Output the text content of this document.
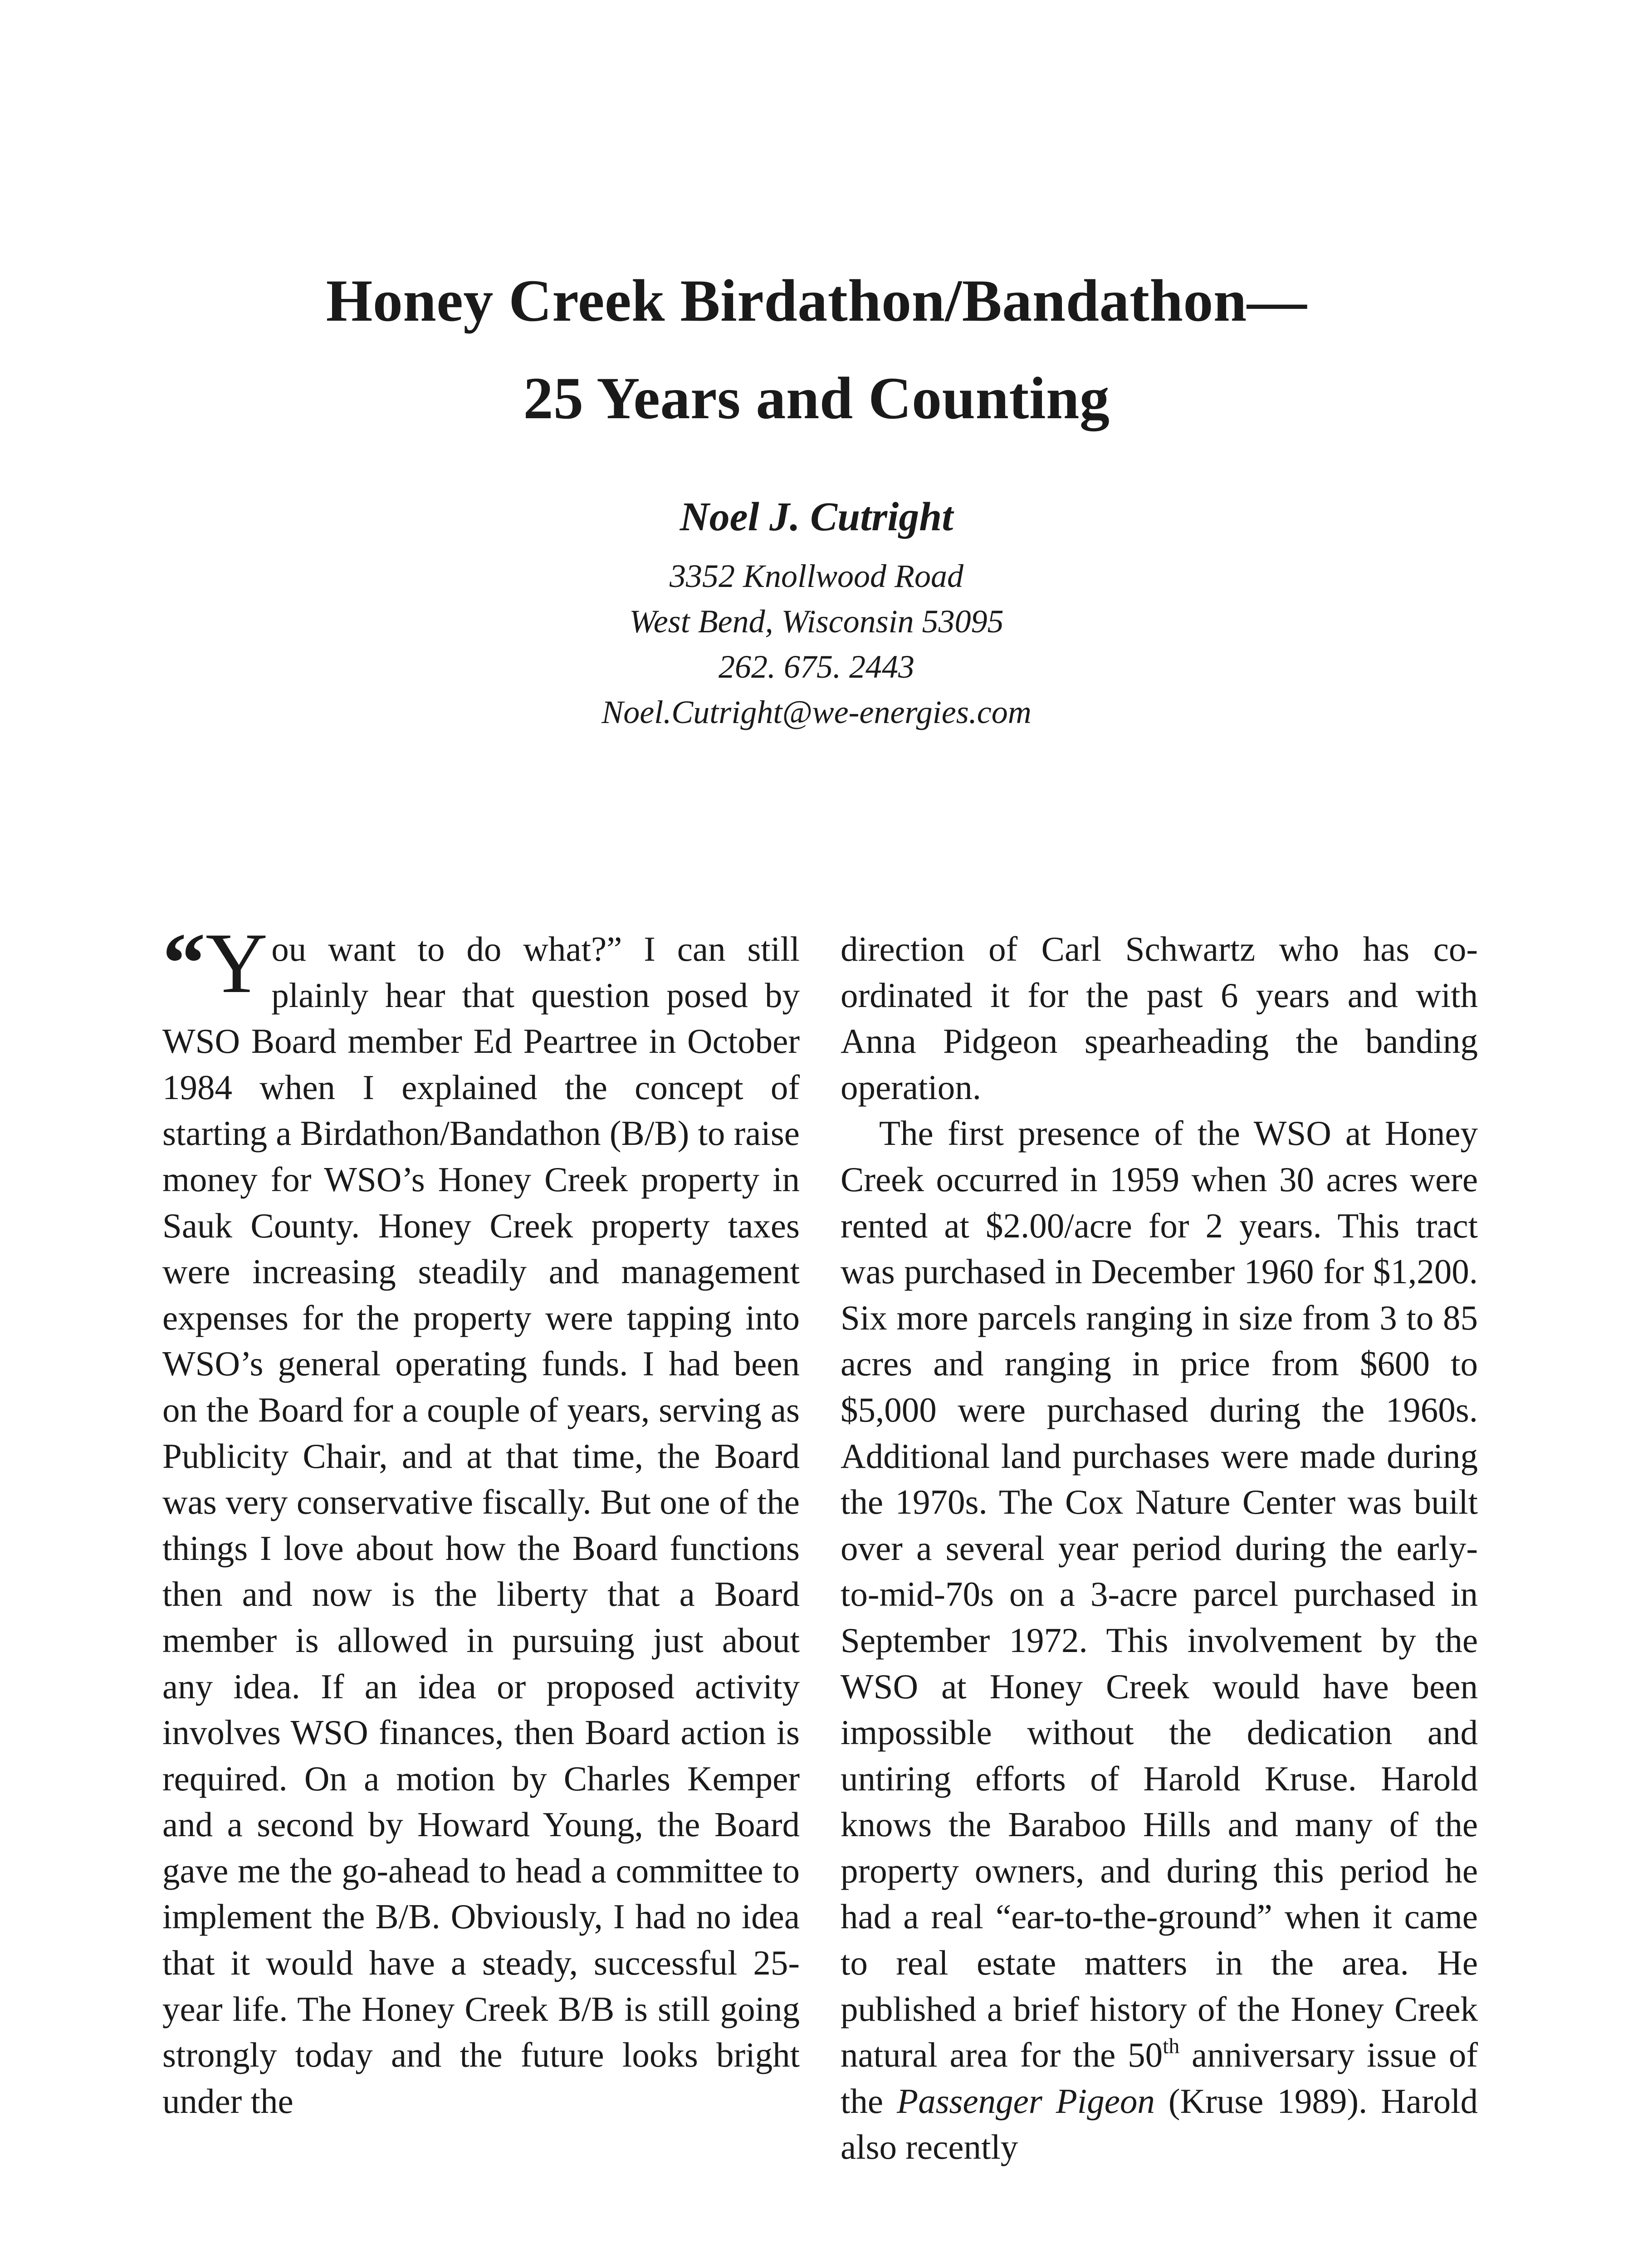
Honey Creek Birdathon/Bandathon—
25 Years and Counting
Noel J. Cutright
3352 Knollwood Road
West Bend, Wisconsin 53095
262. 675. 2443
Noel.Cutright@we-energies.com

“Y ou want to do what?” I can still plainly hear that question posed by WSO Board member Ed Peartree in October 1984 when I explained the concept of starting a Birdathon/Bandathon (B/B) to raise money for WSO’s Honey Creek property in Sauk County. Honey Creek property taxes were increasing steadily and management expenses for the property were tapping into WSO’s general operating funds. I had been on the Board for a couple of years, serving as Publicity Chair, and at that time, the Board was very conservative fiscally. But one of the things I love about how the Board functions then and now is the liberty that a Board member is allowed in pursuing just about any idea. If an idea or proposed activity involves WSO finances, then Board action is required. On a motion by Charles Kemper and a second by Howard Young, the Board gave me the go-ahead to head a committee to implement the B/B. Obviously, I had no idea that it would have a steady, successful 25-year life. The Honey Creek B/B is still going strongly today and the future looks bright under the

direction of Carl Schwartz who has coordinated it for the past 6 years and with Anna Pidgeon spearheading the banding operation.

The first presence of the WSO at Honey Creek occurred in 1959 when 30 acres were rented at $2.00/acre for 2 years. This tract was purchased in December 1960 for $1,200. Six more parcels ranging in size from 3 to 85 acres and ranging in price from $600 to $5,000 were purchased during the 1960s. Additional land purchases were made during the 1970s. The Cox Nature Center was built over a several year period during the early-to-mid-70s on a 3-acre parcel purchased in September 1972. This involvement by the WSO at Honey Creek would have been impossible without the dedication and untiring efforts of Harold Kruse. Harold knows the Baraboo Hills and many of the property owners, and during this period he had a real “ear-to-the-ground” when it came to real estate matters in the area. He published a brief history of the Honey Creek natural area for the 50th anniversary issue of the Passenger Pigeon (Kruse 1989). Harold also recently
